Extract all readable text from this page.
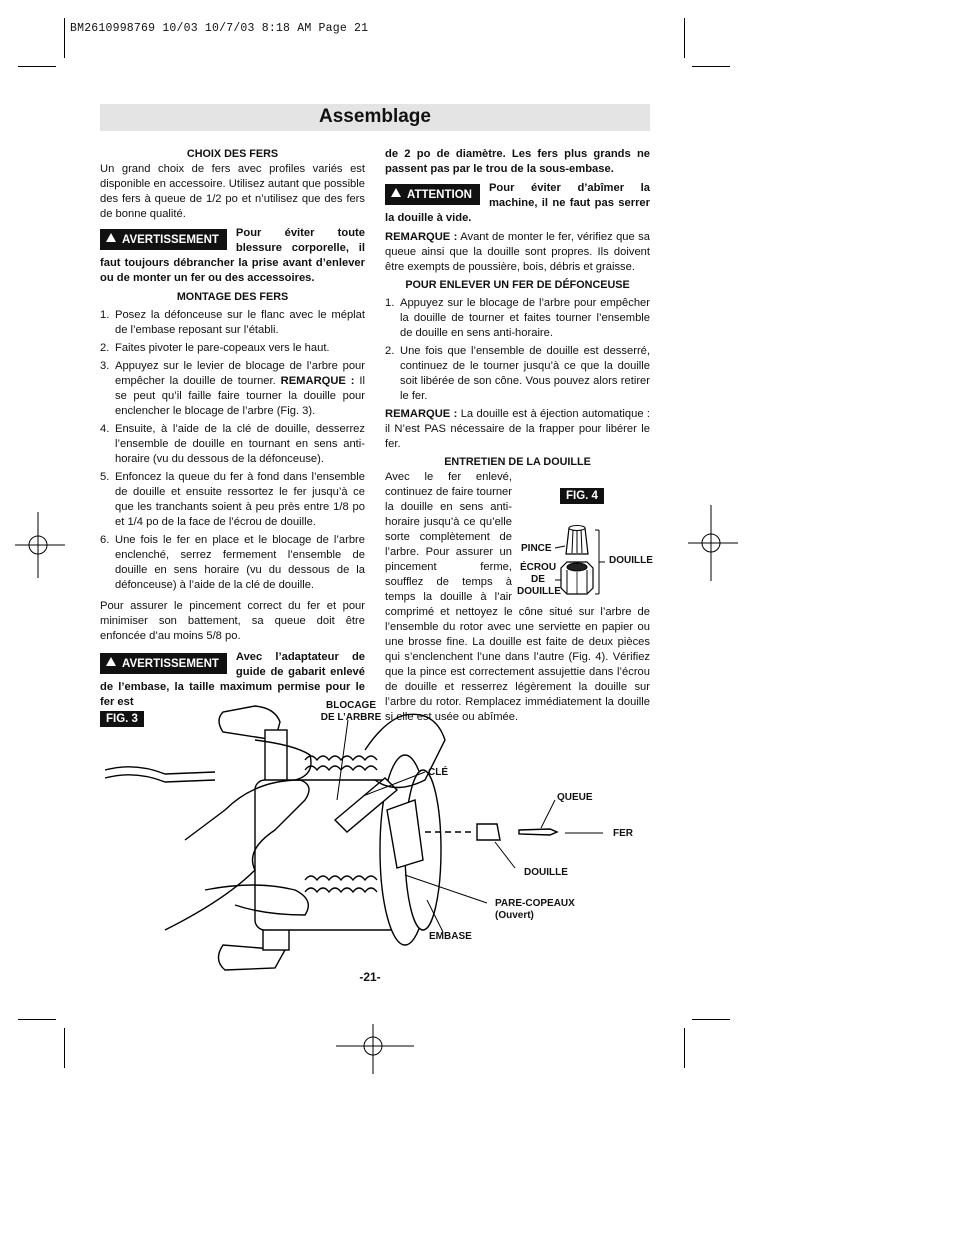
BM2610998769 10/03 10/7/03 8:18 AM Page 21
Assemblage

CHOIX DES FERS

Un grand choix de fers avec profiles variés est disponible en accessoire. Utilisez autant que possible des fers à queue de 1/2 po et n’utilisez que des fers de bonne qualité.

AVERTISSEMENT
Pour éviter toute blessure corporelle, il faut toujours débrancher la prise avant d’enlever ou de monter un fer ou des accessoires.

MONTAGE DES FERS

1. Posez la défonceuse sur le flanc avec le méplat de l’embase reposant sur l’établi.
2. Faites pivoter le pare-copeaux vers le haut.
3. Appuyez sur le levier de blocage de l’arbre pour empêcher la douille de tourner. REMARQUE : Il se peut qu’il faille faire tourner la douille pour enclencher le blocage de l’arbre (Fig. 3).
4. Ensuite, à l’aide de la clé de douille, desserrez l’ensemble de douille en tournant en sens anti-horaire (vu du dessous de la défonceuse).
5. Enfoncez la queue du fer à fond dans l’ensemble de douille et ensuite ressortez le fer jusqu’à ce que les tranchants soient à peu près entre 1/8 po et 1/4 po de la face de l’écrou de douille.
6. Une fois le fer en place et le blocage de l’arbre enclenché, serrez fermement l’ensemble de douille en sens horaire (vu du dessous de la défonceuse) à l’aide de la clé de douille.

Pour assurer le pincement correct du fer et pour minimiser son battement, sa queue doit être enfoncée d’au moins 5/8 po.

AVERTISSEMENT
Avec l’adaptateur de guide de gabarit enlevé de l’embase, la taille maximum permise pour le fer est

de 2 po de diamètre. Les fers plus grands ne passent pas par le trou de la sous-embase.

ATTENTION
Pour éviter d’abîmer la machine, il ne faut pas serrer la douille à vide.

REMARQUE : Avant de monter le fer, vérifiez que sa queue ainsi que la douille sont propres. Ils doivent être exempts de poussière, bois, débris et graisse.

POUR ENLEVER UN FER DE DÉFONCEUSE

1. Appuyez sur le blocage de l’arbre pour empêcher la douille de tourner et faites tourner l’ensemble de douille en sens anti-horaire.
2. Une fois que l’ensemble de douille est desserré, continuez de le tourner jusqu’à ce que la douille soit libérée de son cône. Vous pouvez alors retirer le fer.

REMARQUE : La douille est à éjection automatique : il N’est PAS nécessaire de la frapper pour libérer le fer.

ENTRETIEN DE LA DOUILLE

Avec le fer enlevé, continuez de faire tourner la douille en sens anti-horaire jusqu’à ce qu’elle sorte complètement de l’arbre. Pour assurer un pincement ferme, soufflez de temps à temps la douille à l’air comprimé et nettoyez le cône situé sur l’arbre de l’ensemble du rotor avec une serviette en papier ou une brosse fine. La douille est faite de deux pièces qui s’enclenchent l’une dans l’autre (Fig. 4). Vérifiez que la pince est correctement assujettie dans l’écrou de douille et resserrez légèrement la douille sur l’arbre du rotor. Remplacez immédiatement la douille si elle est usée ou abîmée.

FIG. 4
PINCE
ÉCROU DE DOUILLE
DOUILLE
FIG. 3
BLOCAGE DE L’ARBRE
CLÉ
QUEUE
FER
DOUILLE
PARE-COPEAUX (Ouvert)
EMBASE
-21-
